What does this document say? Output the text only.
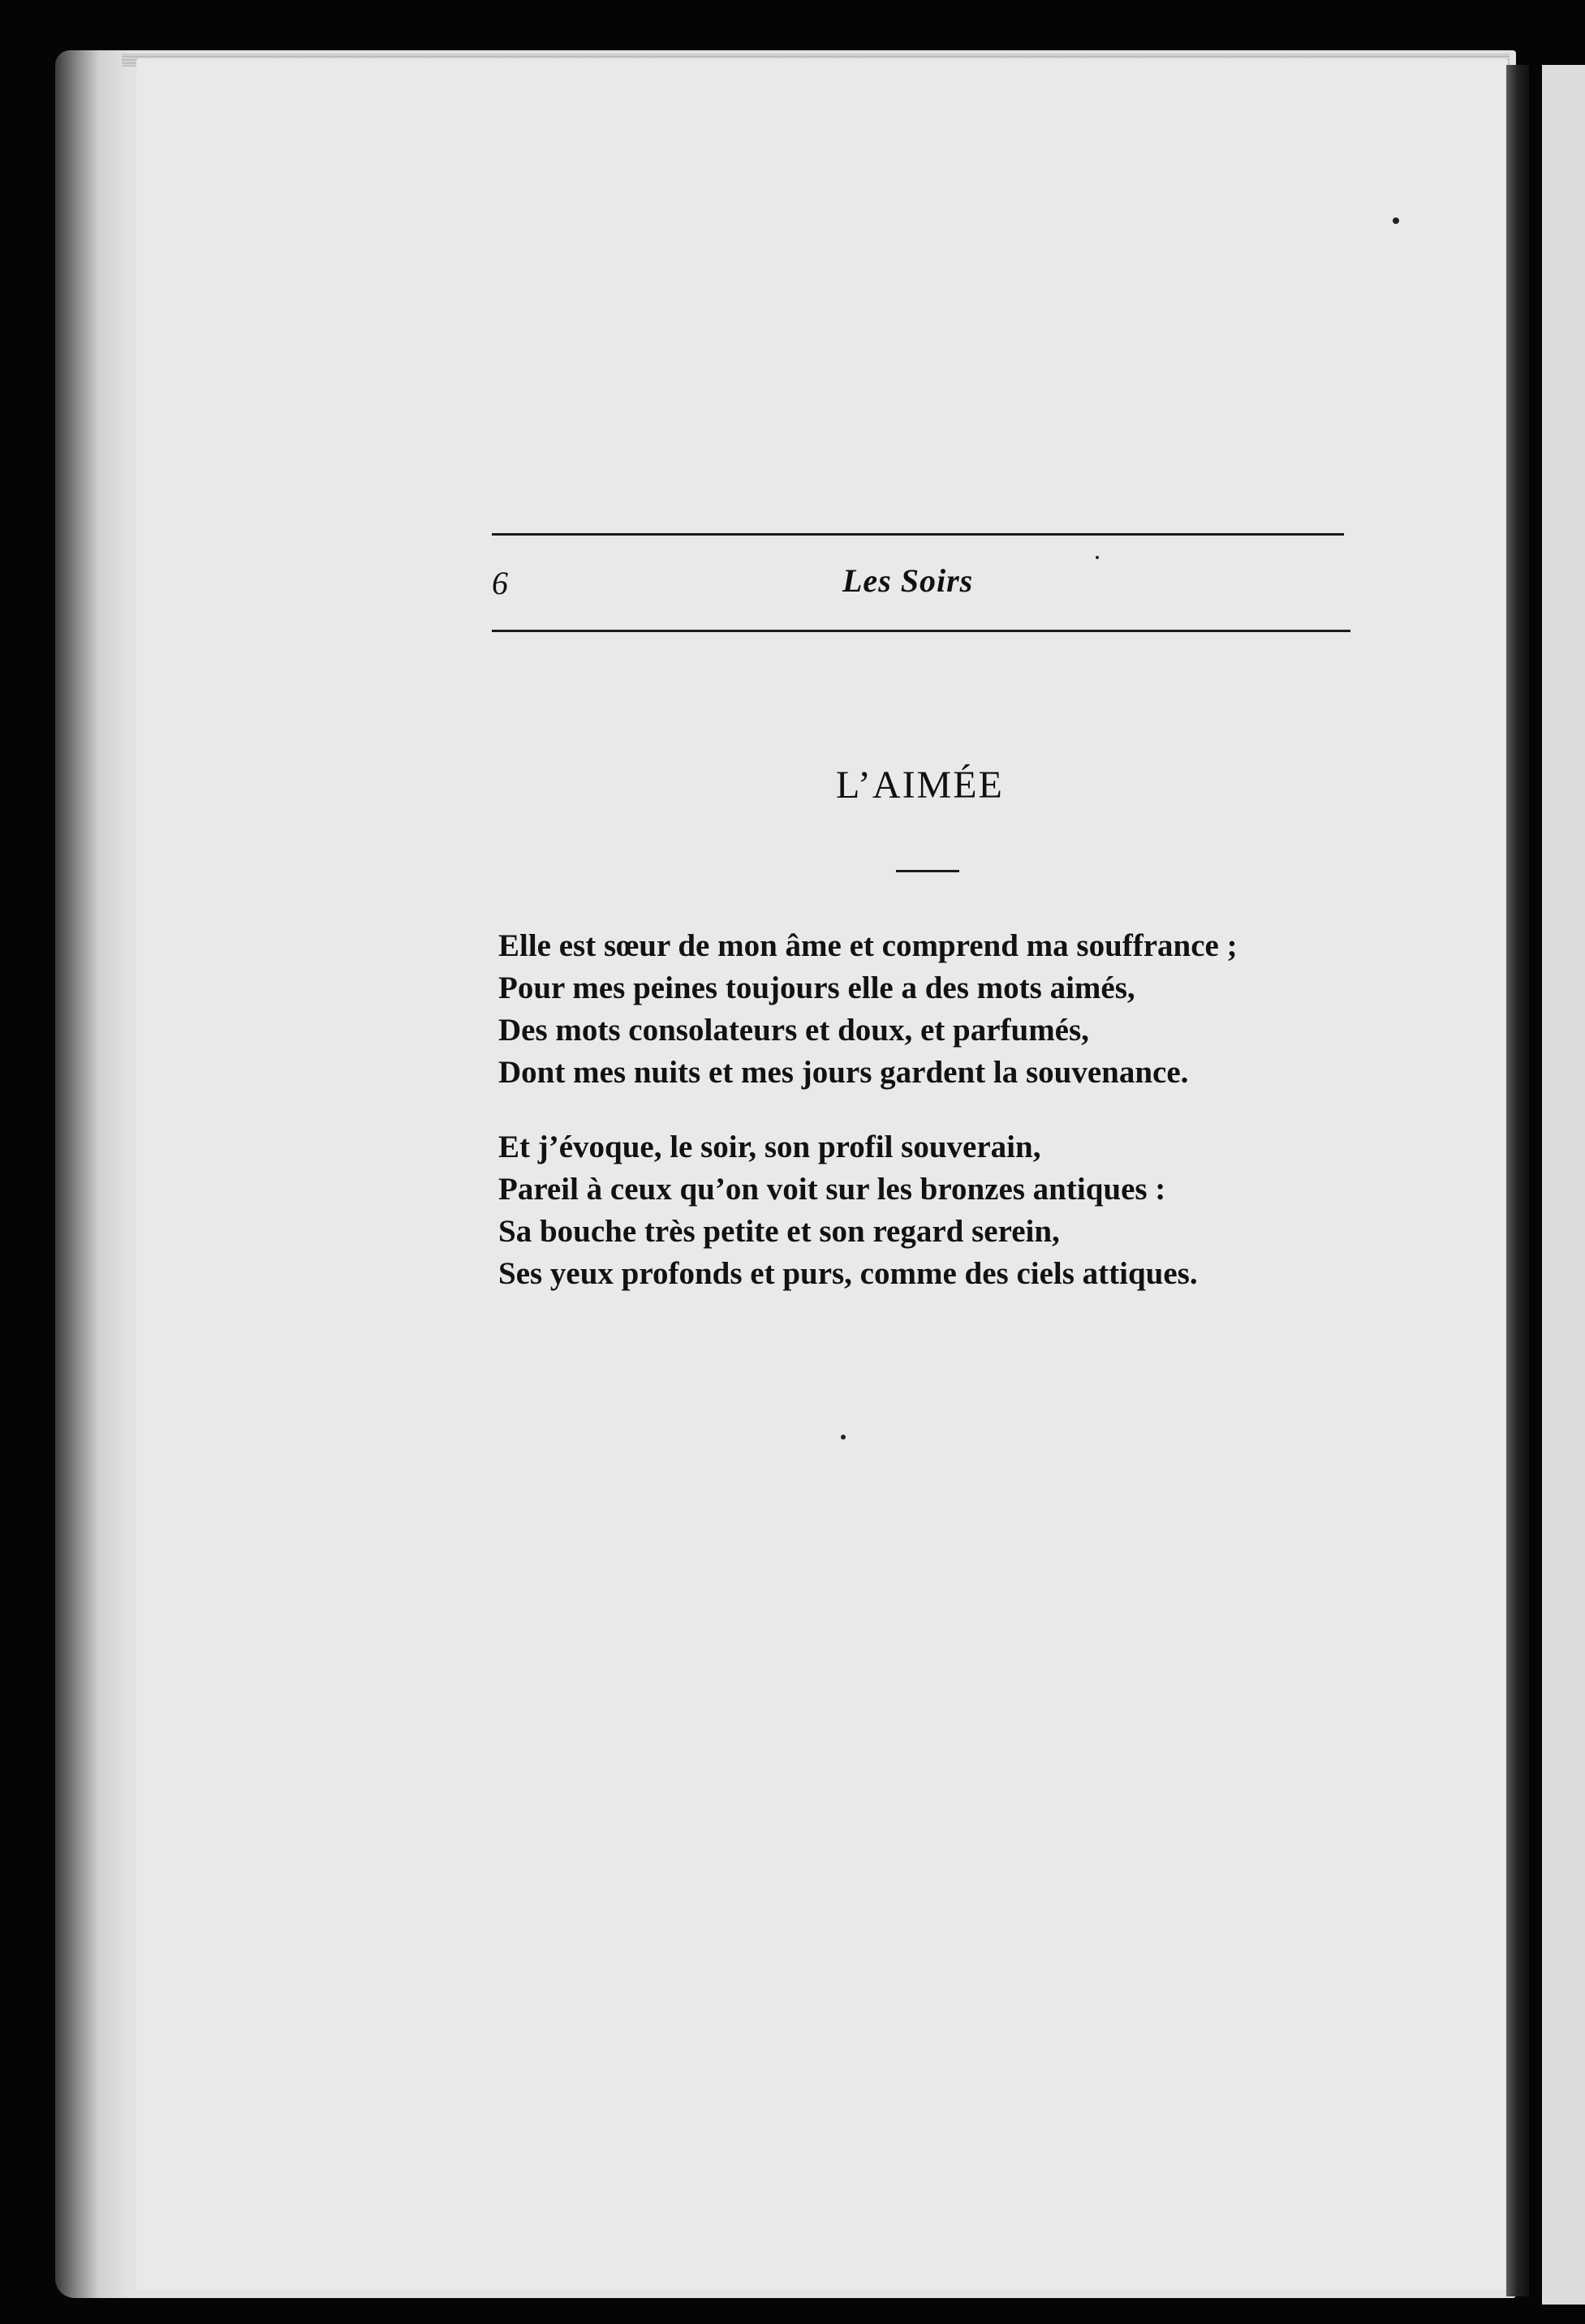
6	Les Soirs
L’AIMÉE
Elle est sœur de mon âme et comprend ma souffrance ;
Pour mes peines toujours elle a des mots aimés,
Des mots consolateurs et doux, et parfumés,
Dont mes nuits et mes jours gardent la souvenance.
Et j’évoque, le soir, son profil souverain,
Pareil à ceux qu’on voit sur les bronzes antiques :
Sa bouche très petite et son regard serein,
Ses yeux profonds et purs, comme des ciels attiques.
